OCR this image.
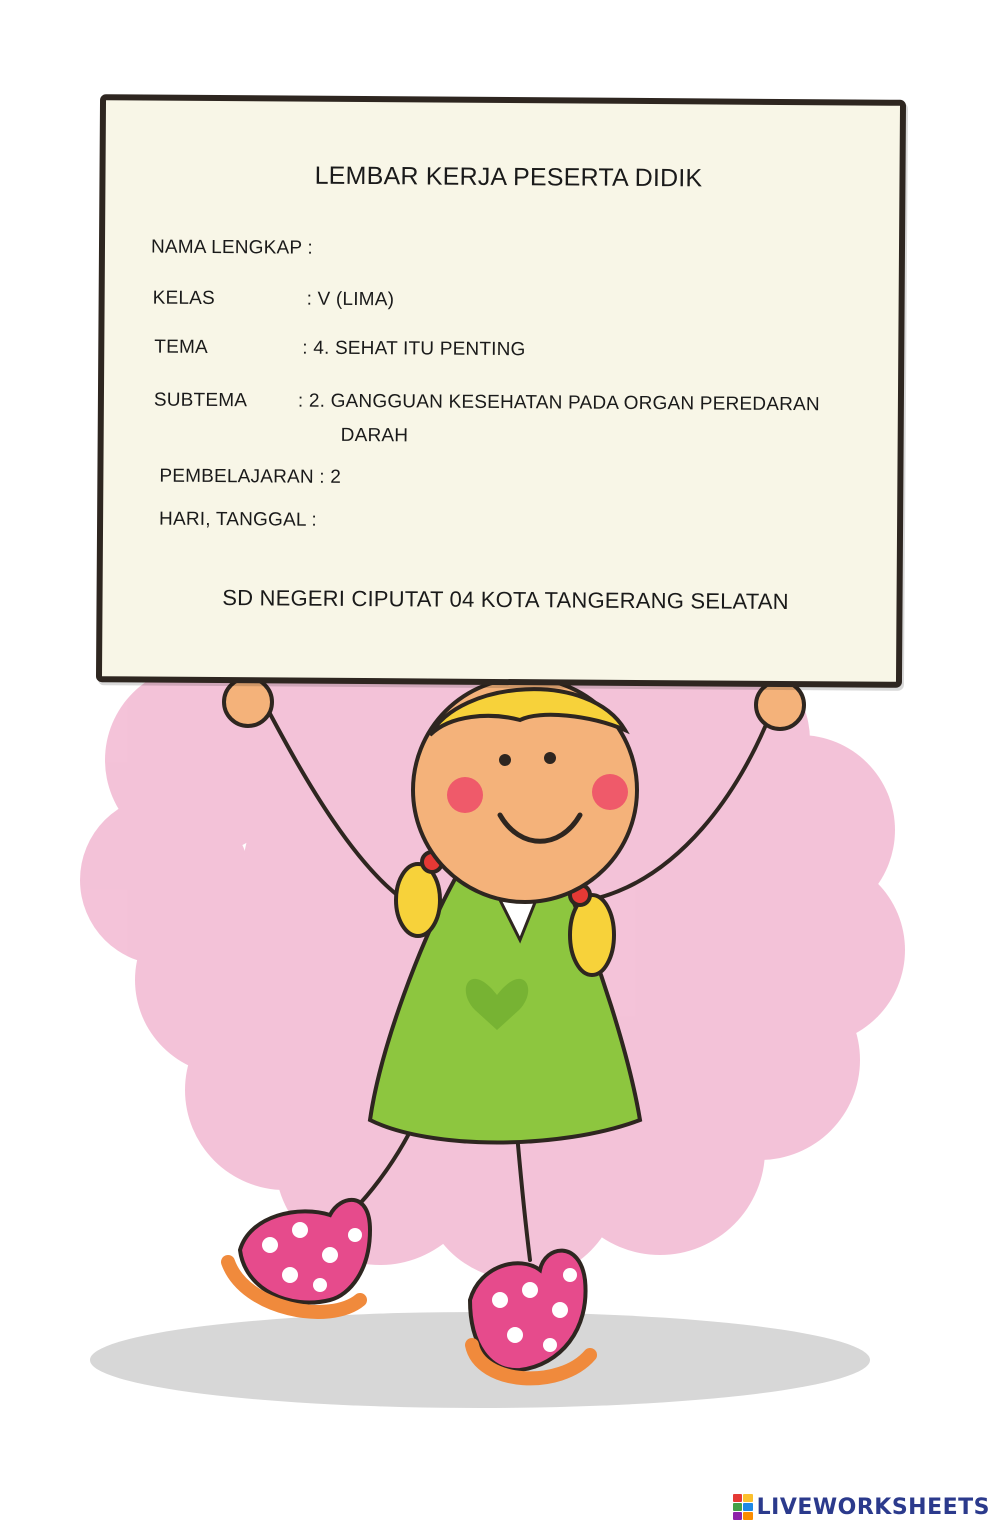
LEMBAR KERJA PESERTA DIDIK
NAMA LENGKAP :
KELAS	: V (LIMA)
TEMA	: 4. SEHAT ITU PENTING
SUBTEMA	: 2. GANGGUAN KESEHATAN PADA ORGAN PEREDARAN
DARAH
PEMBELAJARAN : 2
HARI, TANGGAL :
SD NEGERI CIPUTAT 04 KOTA TANGERANG SELATAN
LIVEWORKSHEETS
